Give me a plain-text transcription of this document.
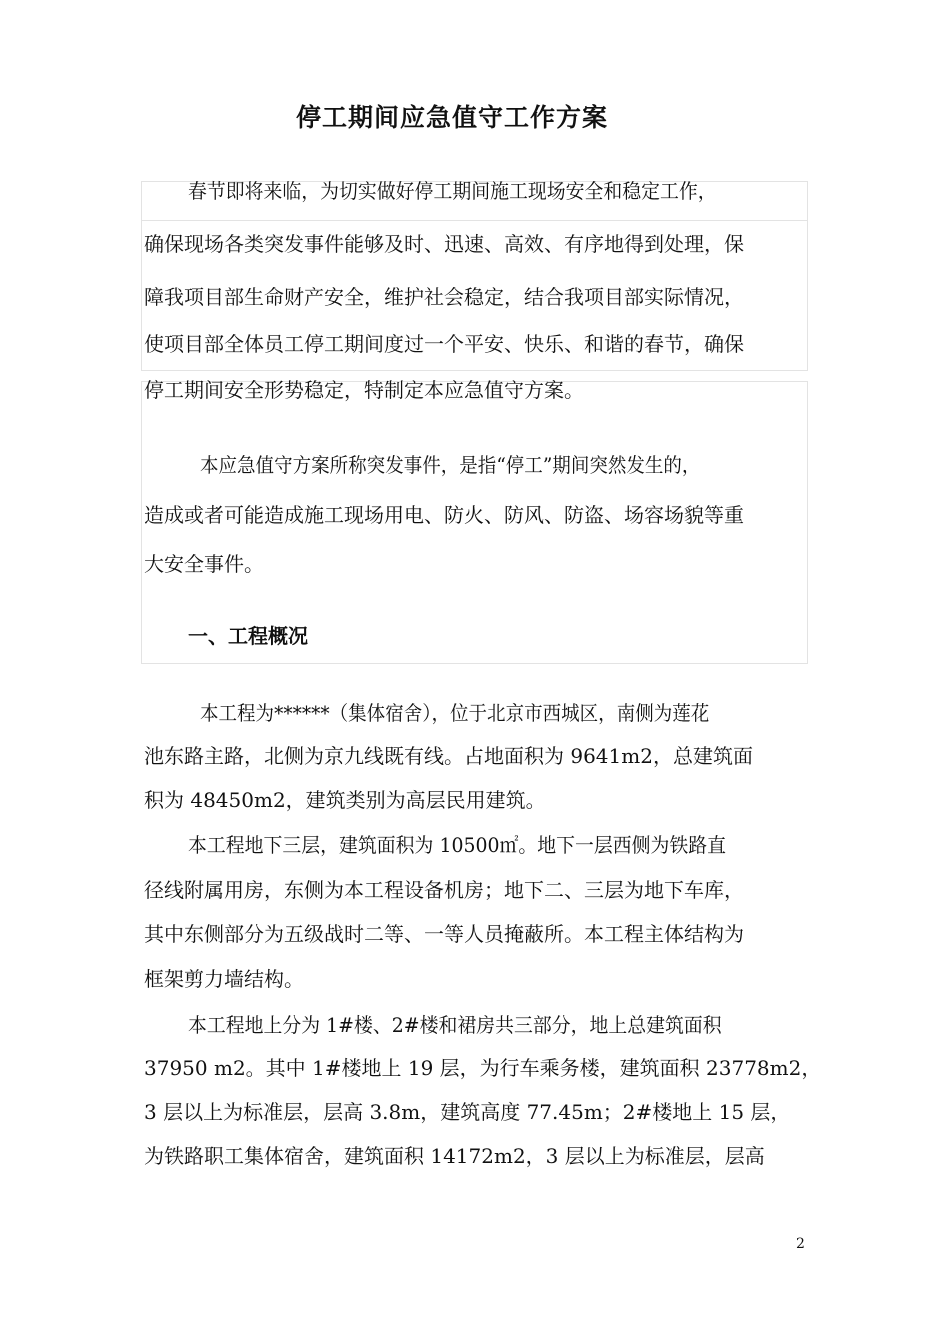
停工期间应急值守工作方案
春节即将来临，为切实做好停工期间施工现场安全和稳定工作，
确保现场各类突发事件能够及时、迅速、高效、有序地得到处理，保
障我项目部生命财产安全，维护社会稳定，结合我项目部实际情况，
使项目部全体员工停工期间度过一个平安、快乐、和谐的春节，确保
停工期间安全形势稳定，特制定本应急值守方案。
本应急值守方案所称突发事件，是指“停工”期间突然发生的，
造成或者可能造成施工现场用电、防火、防风、防盗、场容场貌等重
大安全事件。
一、工程概况
本工程为******（集体宿舍），位于北京市西城区，南侧为莲花
池东路主路，北侧为京九线既有线。占地面积为 9641m2，总建筑面
积为 48450m2，建筑类别为高层民用建筑。
本工程地下三层，建筑面积为 10500㎡。地下一层西侧为铁路直
径线附属用房，东侧为本工程设备机房；地下二、三层为地下车库，
其中东侧部分为五级战时二等、一等人员掩蔽所。本工程主体结构为
框架剪力墙结构。
本工程地上分为 1#楼、2#楼和裙房共三部分，地上总建筑面积
37950 m2。其中 1#楼地上 19 层，为行车乘务楼，建筑面积 23778m2，
3 层以上为标准层，层高 3.8m，建筑高度 77.45m；2#楼地上 15 层，
为铁路职工集体宿舍，建筑面积 14172m2，3 层以上为标准层，层高
2
